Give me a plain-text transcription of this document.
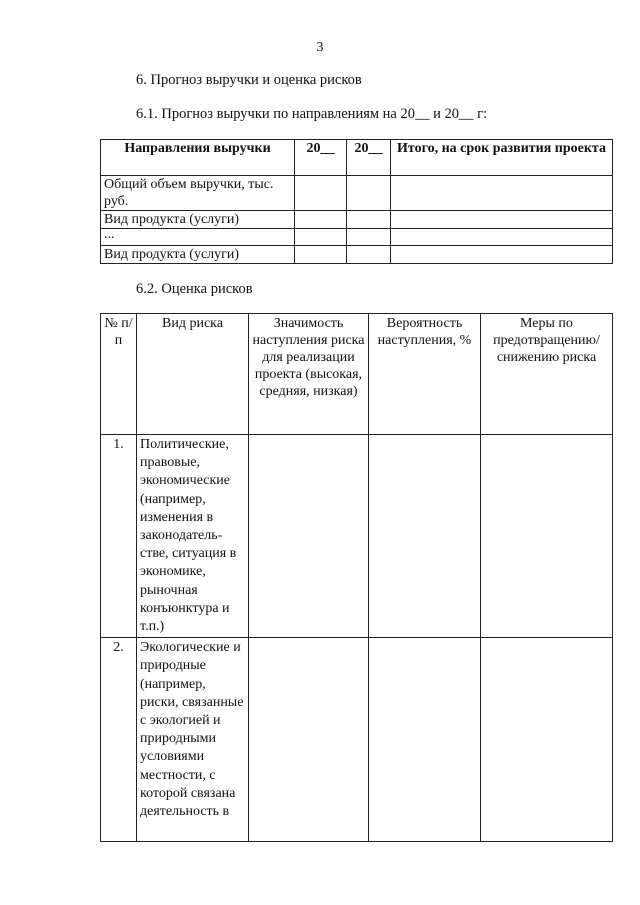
3
6. Прогноз выручки и оценка рисков
6.1. Прогноз выручки по направлениям на 20__ и 20__ г:
Направления выручки	20__	20__	Итого, на срок развития проекта
Общий объем выручки, тыс. руб.			
Вид продукта (услуги)			
...			
Вид продукта (услуги)			
6.2. Оценка рисков
№ п/п	Вид риска	Значимость наступления риска для реализации проекта (высокая, средняя, низкая)	Вероятность наступления, %	Меры по предотвращению/ снижению риска
1.	Политические, правовые, экономические (например, изменения в законодатель-стве, ситуация в экономике, рыночная конъюнктура и т.п.)			
2.	Экологические и природные (например, риски, связанные с экологией и природными условиями местности, с которой связана деятельность в			
